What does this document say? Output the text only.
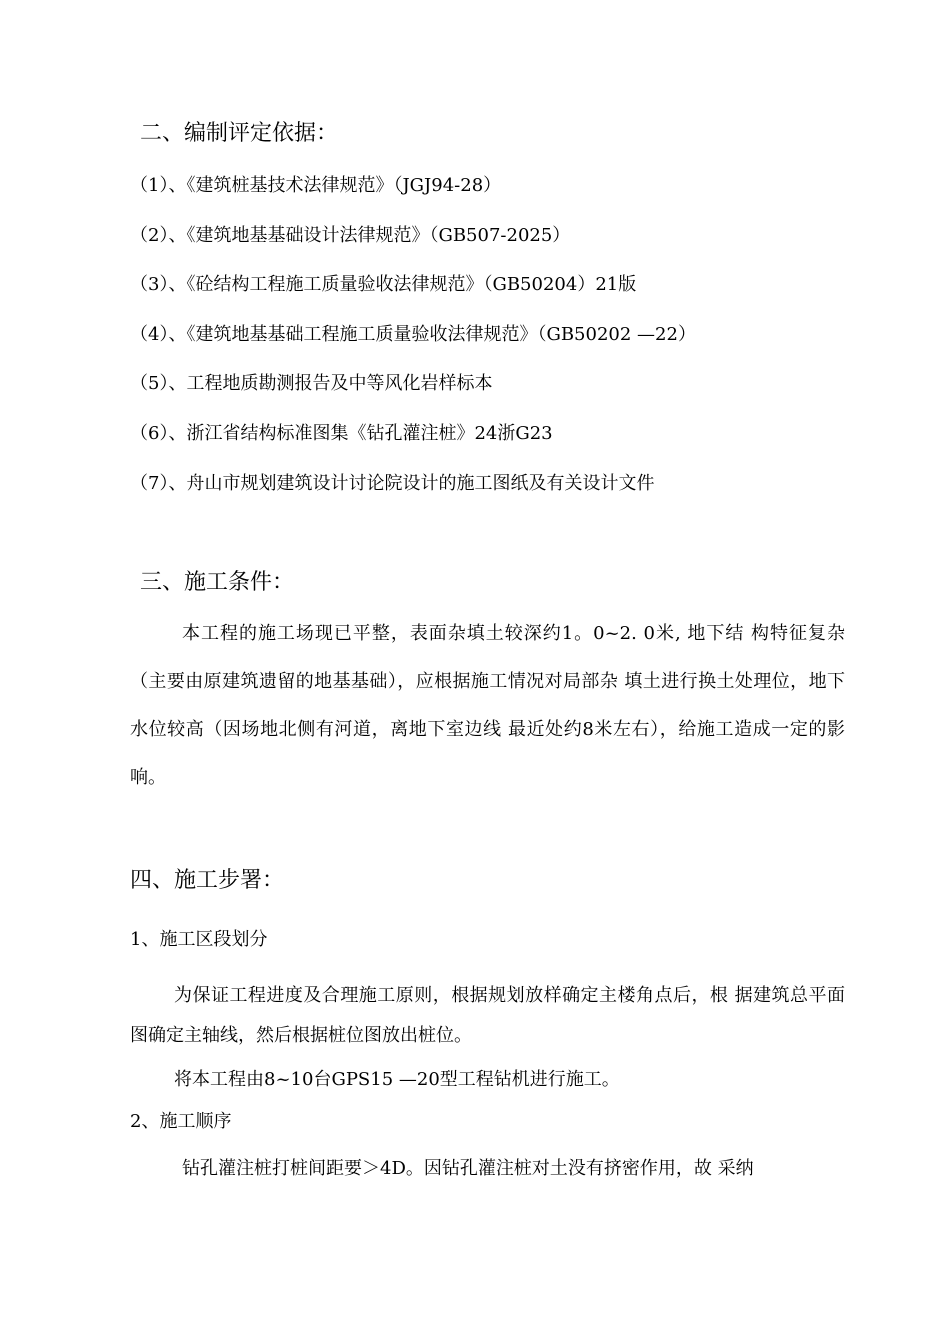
二、编制评定依据：
（1）、《建筑桩基技术法律规范》（JGJ94-28）
（2）、《建筑地基基础设计法律规范》（GB507-2025）
（3）、《砼结构工程施工质量验收法律规范》（GB50204）21版
（4）、《建筑地基基础工程施工质量验收法律规范》（GB50202 —22）
（5）、工程地质勘测报告及中等风化岩样标本
（6）、浙江省结构标准图集《钻孔灌注桩》24浙G23
（7）、舟山市规划建筑设计讨论院设计的施工图纸及有关设计文件
三、施工条件：
本工程的施工场现已平整，表面杂填土较深约1。0~2. 0米, 地下结 构特征复杂（主要由原建筑遗留的地基基础），应根据施工情况对局部杂 填土进行换土处理位，地下水位较高（因场地北侧有河道，离地下室边线 最近处约8米左右），给施工造成一定的影响。
四、施工步署：
1、施工区段划分
为保证工程进度及合理施工原则，根据规划放样确定主楼角点后，根 据建筑总平面图确定主轴线，然后根据桩位图放出桩位。
将本工程由8~10台GPS15 —20型工程钻机进行施工。
2、施工顺序
钻孔灌注桩打桩间距要＞4D。因钻孔灌注桩对土没有挤密作用，故 采纳
